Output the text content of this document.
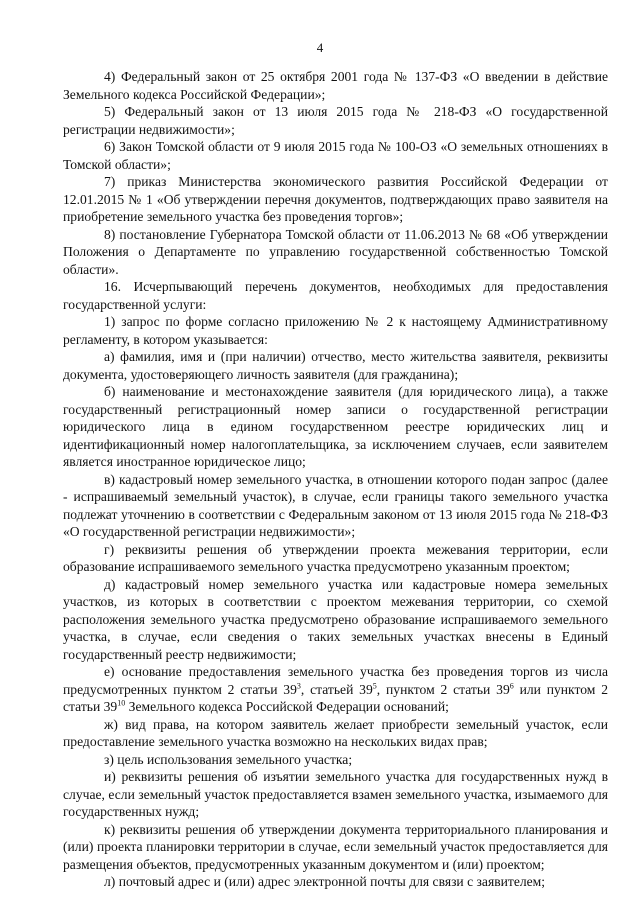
4

4) Федеральный закон от 25 октября 2001 года № 137-ФЗ «О введении в действие Земельного кодекса Российской Федерации»;

5) Федеральный закон от 13 июля 2015 года № 218-ФЗ «О государственной регистрации недвижимости»;

6) Закон Томской области от 9 июля 2015 года № 100-ОЗ «О земельных отношениях в Томской области»;

7) приказ Министерства экономического развития Российской Федерации от 12.01.2015 № 1 «Об утверждении перечня документов, подтверждающих право заявителя на приобретение земельного участка без проведения торгов»;

8) постановление Губернатора Томской области от 11.06.2013 № 68 «Об утверждении Положения о Департаменте по управлению государственной собственностью Томской области».

16. Исчерпывающий перечень документов, необходимых для предоставления государственной услуги:

1) запрос по форме согласно приложению № 2 к настоящему Административному регламенту, в котором указывается:

а) фамилия, имя и (при наличии) отчество, место жительства заявителя, реквизиты документа, удостоверяющего личность заявителя (для гражданина);

б) наименование и местонахождение заявителя (для юридического лица), а также государственный регистрационный номер записи о государственной регистрации юридического лица в едином государственном реестре юридических лиц и идентификационный номер налогоплательщика, за исключением случаев, если заявителем является иностранное юридическое лицо;

в) кадастровый номер земельного участка, в отношении которого подан запрос (далее - испрашиваемый земельный участок), в случае, если границы такого земельного участка подлежат уточнению в соответствии с Федеральным законом от 13 июля 2015 года № 218-ФЗ «О государственной регистрации недвижимости»;

г) реквизиты решения об утверждении проекта межевания территории, если образование испрашиваемого земельного участка предусмотрено указанным проектом;

д) кадастровый номер земельного участка или кадастровые номера земельных участков, из которых в соответствии с проектом межевания территории, со схемой расположения земельного участка предусмотрено образование испрашиваемого земельного участка, в случае, если сведения о таких земельных участках внесены в Единый государственный реестр недвижимости;

е) основание предоставления земельного участка без проведения торгов из числа предусмотренных пунктом 2 статьи $39^3$, статьей $39^5$, пунктом 2 статьи $39^6$ или пунктом 2 статьи $39^{10}$ Земельного кодекса Российской Федерации оснований;

ж) вид права, на котором заявитель желает приобрести земельный участок, если предоставление земельного участка возможно на нескольких видах прав;

з) цель использования земельного участка;

и) реквизиты решения об изъятии земельного участка для государственных нужд в случае, если земельный участок предоставляется взамен земельного участка, изымаемого для государственных нужд;

к) реквизиты решения об утверждении документа территориального планирования и (или) проекта планировки территории в случае, если земельный участок предоставляется для размещения объектов, предусмотренных указанным документом и (или) проектом;

л) почтовый адрес и (или) адрес электронной почты для связи с заявителем;
